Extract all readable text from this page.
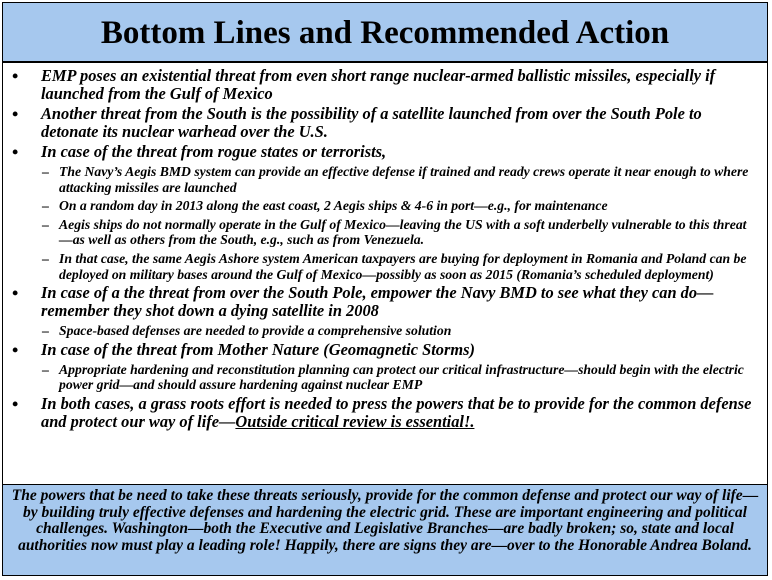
Bottom Lines and Recommended Action
• EMP poses an existential threat from even short range nuclear-armed ballistic missiles, especially if launched from the Gulf of Mexico
• Another threat from the South is the possibility of a satellite launched from over the South Pole to detonate its nuclear warhead over the U.S.
• In case of the threat from rogue states or terrorists,
– The Navy’s Aegis BMD system can provide an effective defense if trained and ready crews operate it near enough to where attacking missiles are launched
– On a random day in 2013 along the east coast, 2 Aegis ships & 4-6 in port—e.g., for maintenance
– Aegis ships do not normally operate in the Gulf of Mexico—leaving the US with a soft underbelly vulnerable to this threat—as well as others from the South, e.g., such as from Venezuela.
– In that case, the same Aegis Ashore system American taxpayers are buying for deployment in Romania and Poland can be deployed on military bases around the Gulf of Mexico—possibly as soon as 2015 (Romania’s scheduled deployment)
• In case of a the threat from over the South Pole, empower the Navy BMD to see what they can do—remember they shot down a dying satellite in 2008
– Space-based defenses are needed to provide a comprehensive solution
• In case of the threat from Mother Nature (Geomagnetic Storms)
– Appropriate hardening and reconstitution planning can protect our critical infrastructure—should begin with the electric power grid—and should assure hardening against nuclear EMP
• In both cases, a grass roots effort is needed to press the powers that be to provide for the common defense and protect our way of life—Outside critical review is essential!.
The powers that be need to take these threats seriously, provide for the common defense and protect our way of life—by building truly effective defenses and hardening the electric grid. These are important engineering and political challenges. Washington—both the Executive and Legislative Branches—are badly broken; so, state and local authorities now must play a leading role! Happily, there are signs they are—over to the Honorable Andrea Boland.
